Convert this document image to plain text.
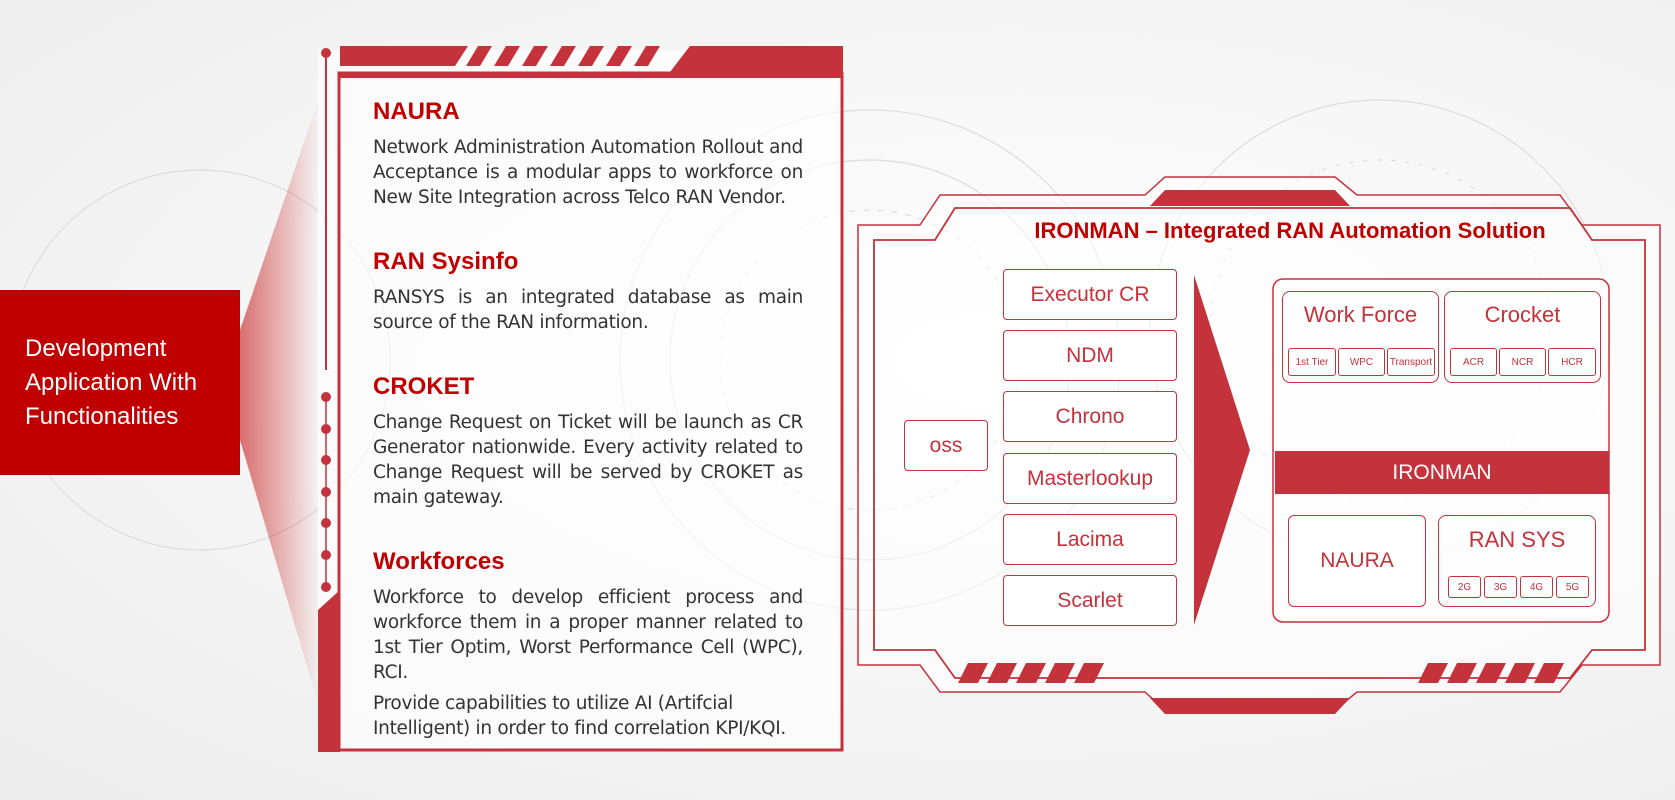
Development
Application With
Functionalities
NAURA

Network Administration Automation Rollout and Acceptance is a modular apps to workforce on New Site Integration across Telco RAN Vendor.

RAN Sysinfo

RANSYS is an integrated database as main source of the RAN information.

CROKET

Change Request on Ticket will be launch as CR Generator nationwide. Every activity related to Change Request will be served by CROKET as main gateway.

Workforces

Workforce to develop efficient process and workforce them in a proper manner related to 1st Tier Optim, Worst Performance Cell (WPC), RCI.

Provide capabilities to utilize AI (Artifcial Intelligent) in order to find correlation KPI/KQI.

IRONMAN – Integrated RAN Automation Solution
oss
Executor CR
NDM
Chrono
Masterlookup
Lacima
Scarlet
Work Force
1st Tier	WPC	Transport
Crocket
ACR	NCR	HCR
IRONMAN
NAURA
RAN SYS
2G	3G	4G	5G
